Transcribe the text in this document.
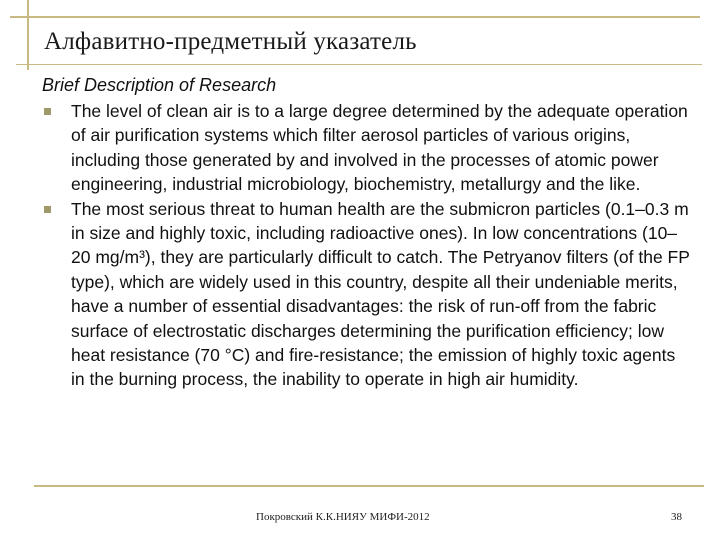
Алфавитно-предметный указатель
Brief Description of Research
The level of clean air is to a large degree determined by the adequate operation of air purification systems which filter aerosol particles of various origins, including those generated by and involved in the processes of atomic power engineering, industrial microbiology, biochemistry, metallurgy and the like.
The most serious threat to human health are the submicron particles (0.1–0.3 m in size and highly toxic, including radioactive ones). In low concentrations (10–20 mg/m³), they are particularly difficult to catch. The Petryanov filters (of the FP type), which are widely used in this country, despite all their undeniable merits, have a number of essential disadvantages: the risk of run-off from the fabric surface of electrostatic discharges determining the purification efficiency; low heat resistance (70 °C) and fire-resistance; the emission of highly toxic agents in the burning process, the inability to operate in high air humidity.
Покровский К.К.НИЯУ МИФИ-2012	38
